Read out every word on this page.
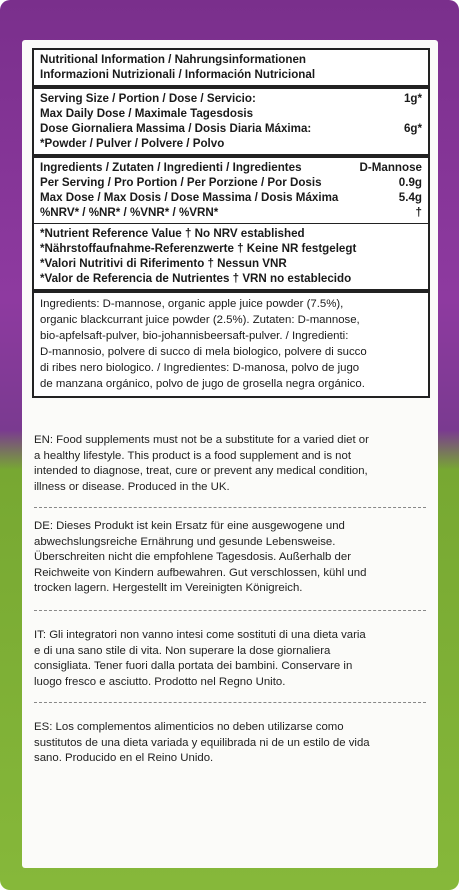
Nutritional Information / Nahrungsinformationen
Informazioni Nutrizionali / Información Nutricional
Serving Size / Portion / Dose / Servicio:	1g*
Max Daily Dose / Maximale Tagesdosis
Dose Giornaliera Massima / Dosis Diaria Máxima:	6g*
*Powder / Pulver / Polvere / Polvo
Ingredients / Zutaten / Ingredienti / Ingredientes	D-Mannose
Per Serving / Pro Portion / Per Porzione / Por Dosis	0.9g
Max Dose / Max Dosis / Dose Massima / Dosis Máxima	5.4g
%NRV* / %NR* / %VNR* / %VRN*	†
*Nutrient Reference Value † No NRV established
*Nährstoffaufnahme-Referenzwerte † Keine NR festgelegt
*Valori Nutritivi di Riferimento † Nessun VNR
*Valor de Referencia de Nutrientes † VRN no establecido
Ingredients: D-mannose, organic apple juice powder (7.5%),
organic blackcurrant juice powder (2.5%). Zutaten: D-mannose,
bio-apfelsaft-pulver, bio-johannisbeersaft-pulver. / Ingredienti:
D-mannosio, polvere di succo di mela biologico, polvere di succo
di ribes nero biologico. / Ingredientes: D-manosa, polvo de jugo
de manzana orgánico, polvo de jugo de grosella negra orgánico.
EN: Food supplements must not be a substitute for a varied diet or
a healthy lifestyle. This product is a food supplement and is not
intended to diagnose, treat, cure or prevent any medical condition,
illness or disease. Produced in the UK.
DE: Dieses Produkt ist kein Ersatz für eine ausgewogene und
abwechslungsreiche Ernährung und gesunde Lebensweise.
Überschreiten nicht die empfohlene Tagesdosis. Außerhalb der
Reichweite von Kindern aufbewahren. Gut verschlossen, kühl und
trocken lagern. Hergestellt im Vereinigten Königreich.
IT: Gli integratori non vanno intesi come sostituti di una dieta varia
e di una sano stile di vita. Non superare la dose giornaliera
consigliata. Tener fuori dalla portata dei bambini. Conservare in
luogo fresco e asciutto. Prodotto nel Regno Unito.
ES: Los complementos alimenticios no deben utilizarse como
sustitutos de una dieta variada y equilibrada ni de un estilo de vida
sano. Producido en el Reino Unido.
